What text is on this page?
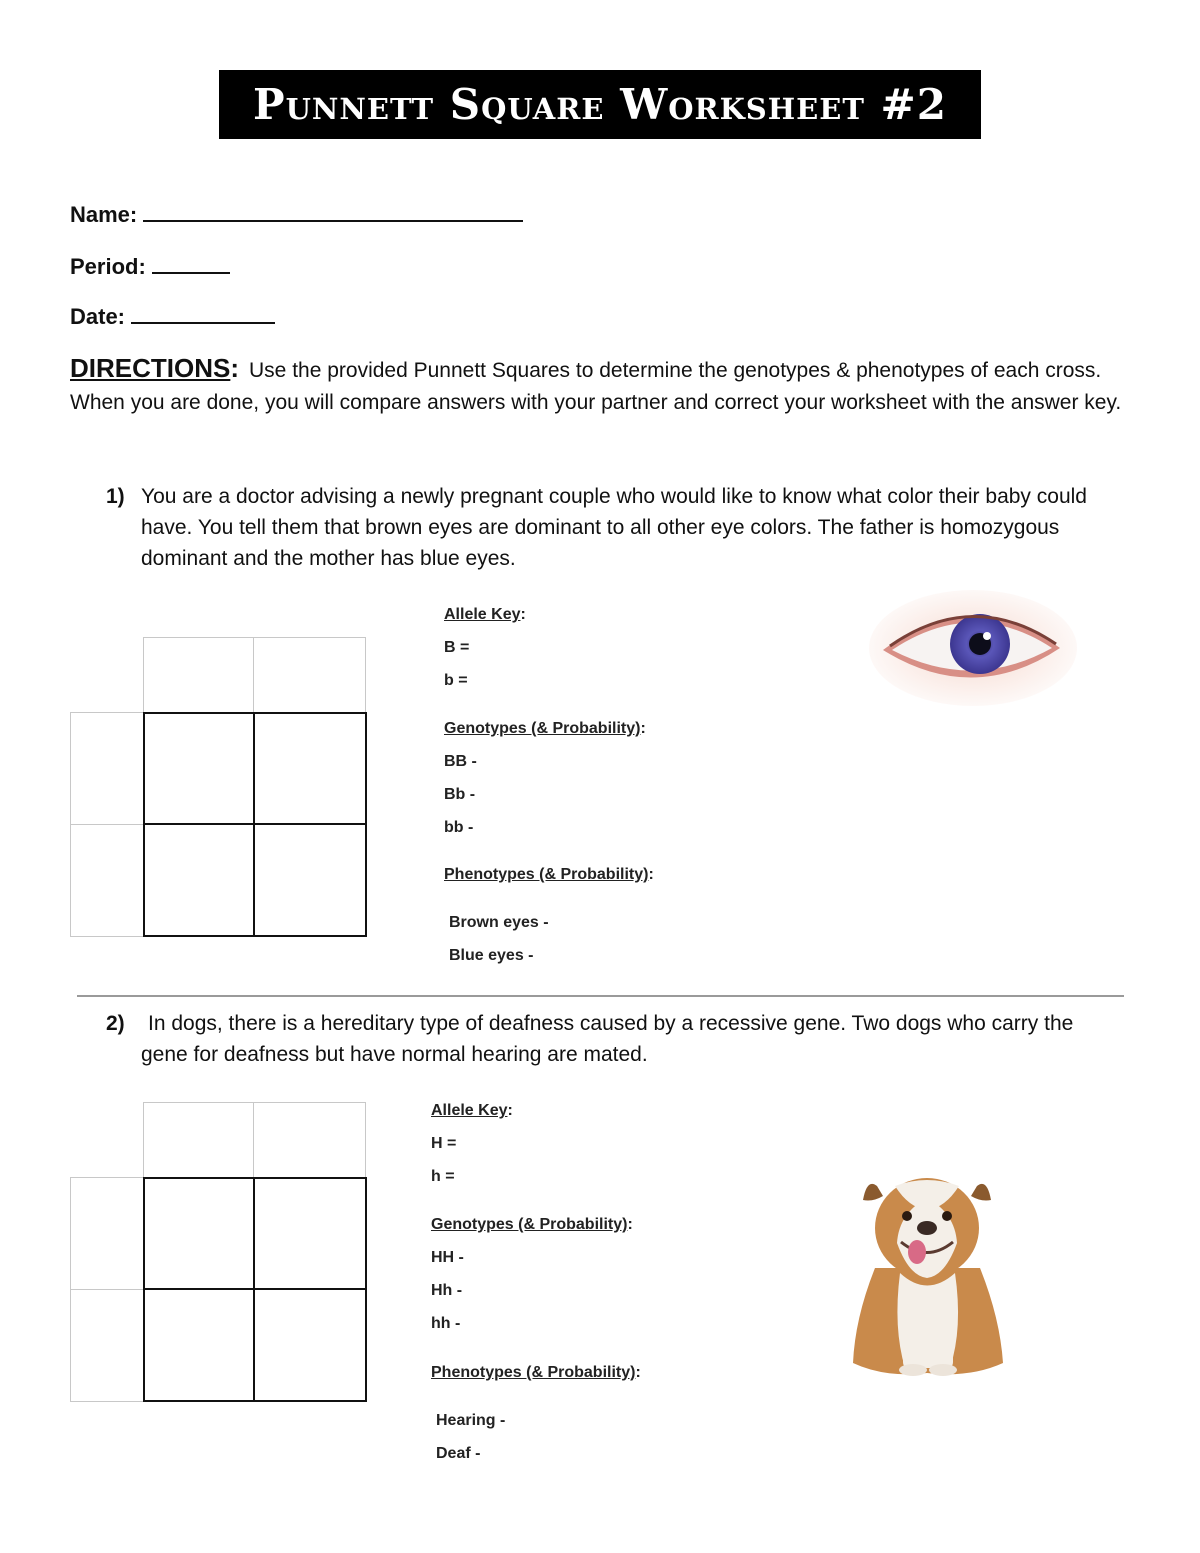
Punnett Square Worksheet #2
Name:
Period:
Date:
DIRECTIONS: Use the provided Punnett Squares to determine the genotypes & phenotypes of each cross. When you are done, you will compare answers with your partner and correct your worksheet with the answer key.
1) You are a doctor advising a newly pregnant couple who would like to know what color their baby could have. You tell them that brown eyes are dominant to all other eye colors. The father is homozygous dominant and the mother has blue eyes.
Allele Key:
B =
b =
Genotypes (& Probability):
BB -
Bb -
bb -
Phenotypes (& Probability):
Brown eyes -
Blue eyes -
2)	In dogs, there is a hereditary type of deafness caused by a recessive gene. Two dogs who carry the gene for deafness but have normal hearing are mated.
Allele Key:
H =
h =
Genotypes (& Probability):
HH -
Hh -
hh -
Phenotypes (& Probability):
Hearing -
Deaf -
